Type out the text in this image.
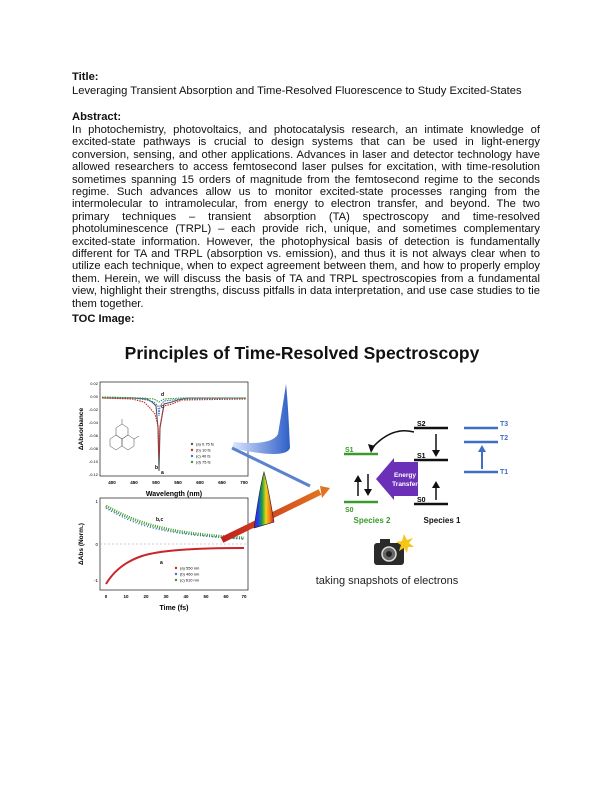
Title:
Leveraging Transient Absorption and Time-Resolved Fluorescence to Study Excited-States
Abstract:
In photochemistry, photovoltaics, and photocatalysis research, an intimate knowledge of excited-state pathways is crucial to design systems that can be used in light-energy conversion, sensing, and other applications. Advances in laser and detector technology have allowed researchers to access femtosecond laser pulses for excitation, with time-resolution sometimes spanning 15 orders of magnitude from the femtosecond regime to the seconds regime. Such advances allow us to monitor excited-state processes ranging from the intermolecular to intramolecular, from energy to electron transfer, and beyond. The two primary techniques – transient absorption (TA) spectroscopy and time-resolved photoluminescence (TRPL) – each provide rich, unique, and sometimes complementary excited-state information. However, the photophysical basis of detection is fundamentally different for TA and TRPL (absorption vs. emission), and thus it is not always clear when to utilize each technique, when to expect agreement between them, and how to properly employ them. Herein, we will discuss the basis of TA and TRPL spectroscopies from a fundamental view, highlight their strengths, discuss pitfalls in data interpretation, and use case studies to tie them together.
TOC Image:
Principles of Time-Resolved Spectroscopy
ΔAbsorbance
Wavelength (nm)
0.02
0.00
-0.02
-0.04
-0.06
-0.08
-0.10
-0.12
400	450	500	550	600	650	700
d
c
b
a
(a) 0.75 fs
(b) 10 fs
(c) 40 fs
(d) 75 fs
ΔAbs (Norm.)
Time (fs)
1
0
-1
0	10	20	30	40	50	60	70
b,c
a
(a) 550 nm
(b) 460 nm
(c) 610 nm
S2
S1
S0
T3
T2
T1
S1
S0
Energy
Transfer
Species 2	Species 1
taking snapshots of electrons
